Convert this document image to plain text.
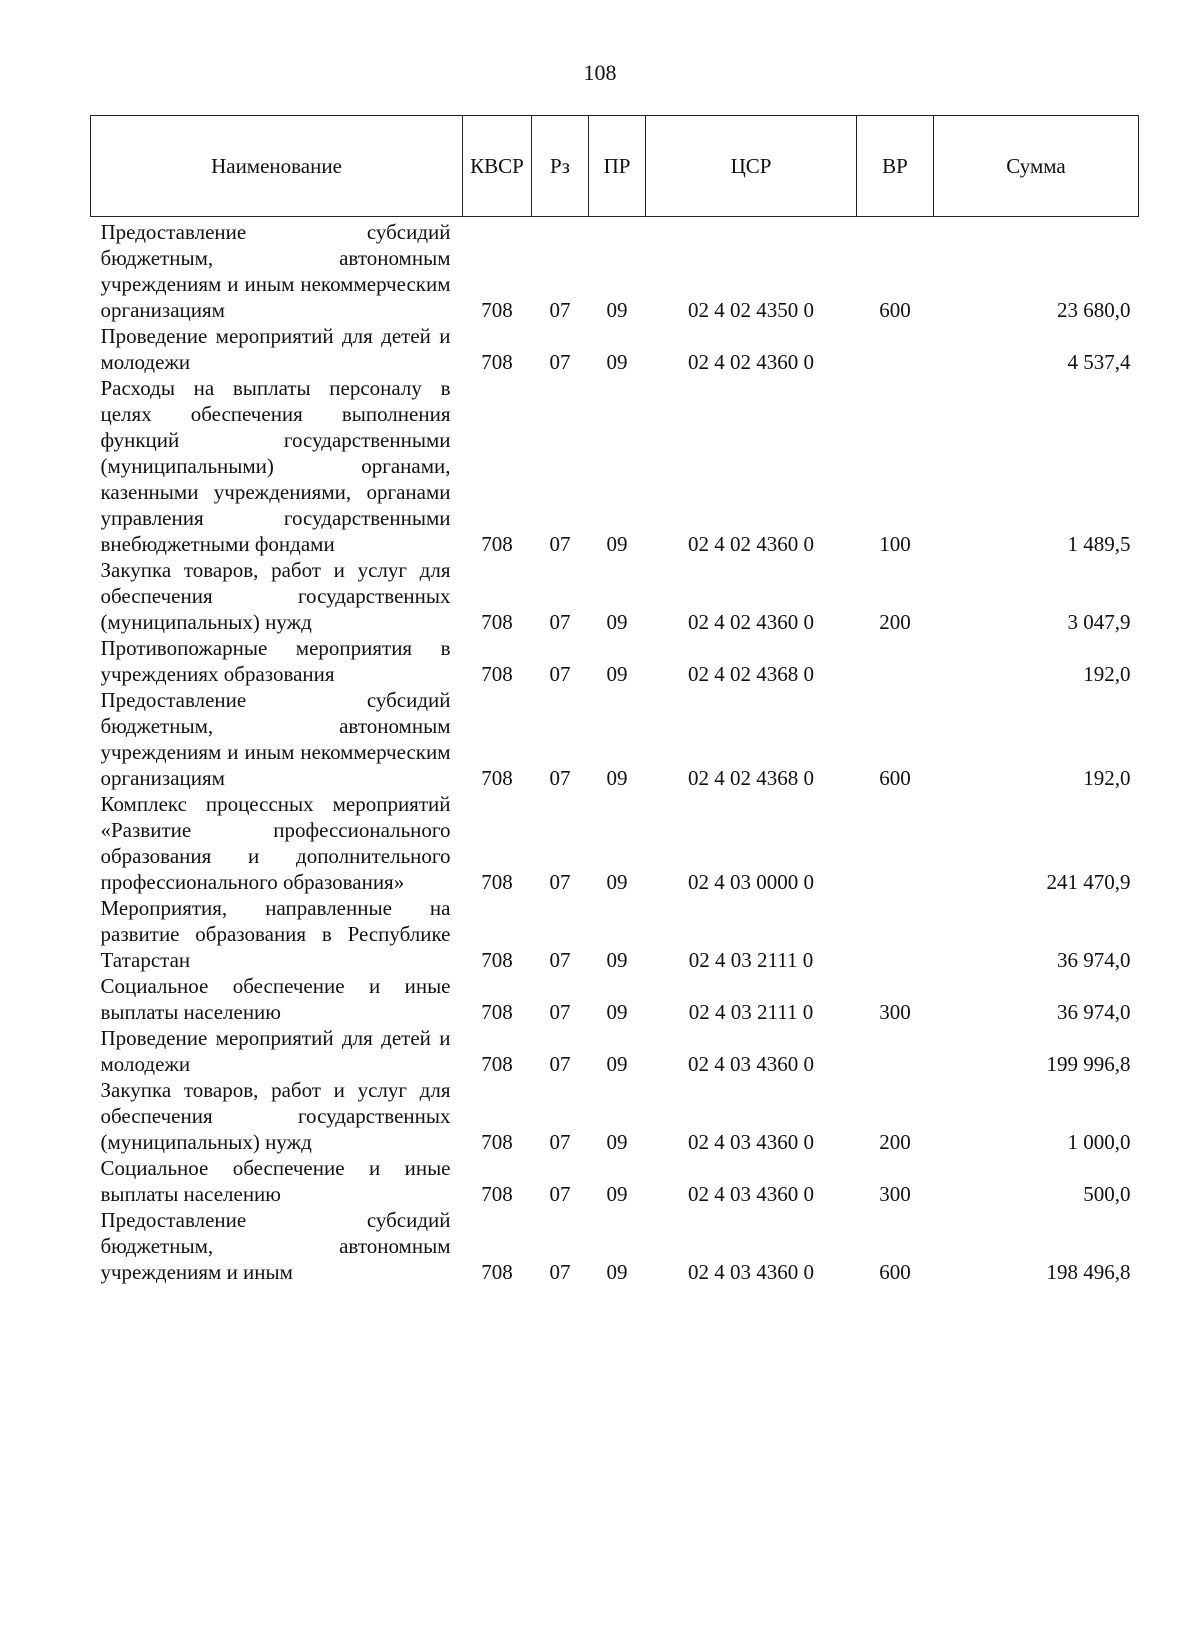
108
Наименование	КВСР	Рз	ПР	ЦСР	ВР	Сумма
Предоставление субсидий бюджетным, автономным учреждениям и иным некоммерческим организациям	708	07	09	02 4 02 4350 0	600	23 680,0
Проведение мероприятий для детей и молодежи	708	07	09	02 4 02 4360 0		4 537,4
Расходы на выплаты персоналу в целях обеспечения выполнения функций государственными (муниципальными) органами, казенными учреждениями, органами управления государственными внебюджетными фондами	708	07	09	02 4 02 4360 0	100	1 489,5
Закупка товаров, работ и услуг для обеспечения государственных (муниципальных) нужд	708	07	09	02 4 02 4360 0	200	3 047,9
Противопожарные мероприятия в учреждениях образования	708	07	09	02 4 02 4368 0		192,0
Предоставление субсидий бюджетным, автономным учреждениям и иным некоммерческим организациям	708	07	09	02 4 02 4368 0	600	192,0
Комплекс процессных мероприятий «Развитие профессионального образования и дополнительного профессионального образования»	708	07	09	02 4 03 0000 0		241 470,9
Мероприятия, направленные на развитие образования в Республике Татарстан	708	07	09	02 4 03 2111 0		36 974,0
Социальное обеспечение и иные выплаты населению	708	07	09	02 4 03 2111 0	300	36 974,0
Проведение мероприятий для детей и молодежи	708	07	09	02 4 03 4360 0		199 996,8
Закупка товаров, работ и услуг для обеспечения государственных (муниципальных) нужд	708	07	09	02 4 03 4360 0	200	1 000,0
Социальное обеспечение и иные выплаты населению	708	07	09	02 4 03 4360 0	300	500,0
Предоставление субсидий бюджетным, автономным учреждениям и иным	708	07	09	02 4 03 4360 0	600	198 496,8
